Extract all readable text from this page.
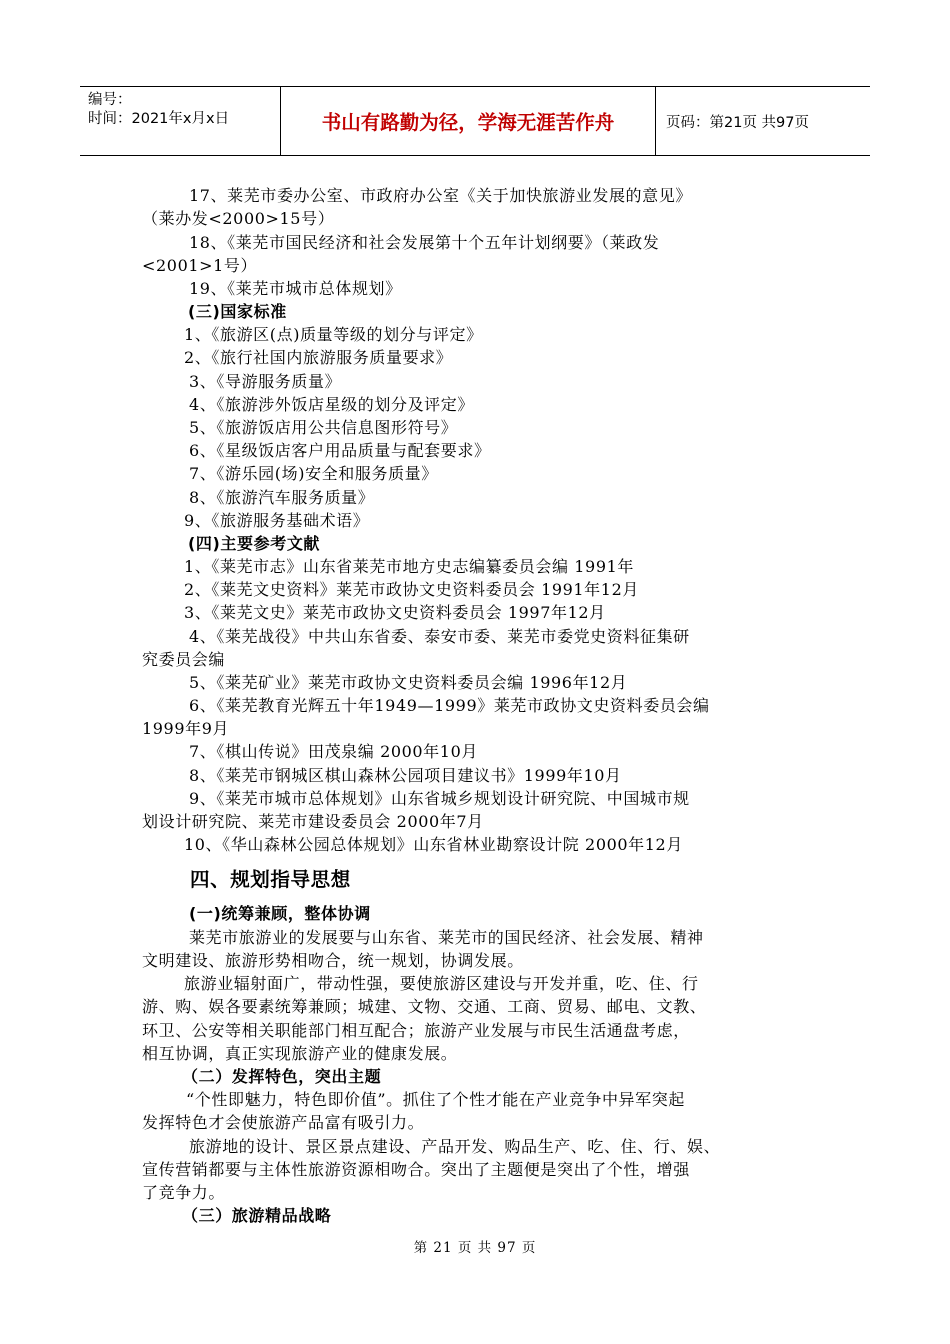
编号：
时间：2021年x月x日	书山有路勤为径，学海无涯苦作舟	页码：第21页 共97页
17、莱芜市委办公室、市政府办公室《关于加快旅游业发展的意见》
（莱办发<2000>15号）
18、《莱芜市国民经济和社会发展第十个五年计划纲要》（莱政发
<2001>1号）
19、《莱芜市城市总体规划》
(三)国家标准
1、《旅游区(点)质量等级的划分与评定》
2、《旅行社国内旅游服务质量要求》
3、《导游服务质量》
4、《旅游涉外饭店星级的划分及评定》
5、《旅游饭店用公共信息图形符号》
6、《星级饭店客户用品质量与配套要求》
7、《游乐园(场)安全和服务质量》
8、《旅游汽车服务质量》
9、《旅游服务基础术语》
(四)主要参考文献
1、《莱芜市志》山东省莱芜市地方史志编纂委员会编 1991年
2、《莱芜文史资料》莱芜市政协文史资料委员会 1991年12月
3、《莱芜文史》莱芜市政协文史资料委员会 1997年12月
4、《莱芜战役》中共山东省委、泰安市委、莱芜市委党史资料征集研
究委员会编
5、《莱芜矿业》莱芜市政协文史资料委员会编 1996年12月
6、《莱芜教育光辉五十年1949—1999》莱芜市政协文史资料委员会编
1999年9月
7、《棋山传说》田茂泉编 2000年10月
8、《莱芜市钢城区棋山森林公园项目建议书》1999年10月
9、《莱芜市城市总体规划》山东省城乡规划设计研究院、中国城市规
划设计研究院、莱芜市建设委员会 2000年7月
10、《华山森林公园总体规划》山东省林业勘察设计院 2000年12月
四、规划指导思想
(一)统筹兼顾，整体协调
莱芜市旅游业的发展要与山东省、莱芜市的国民经济、社会发展、精神
文明建设、旅游形势相吻合，统一规划，协调发展。
旅游业辐射面广，带动性强，要使旅游区建设与开发并重，吃、住、行
游、购、娱各要素统筹兼顾；城建、文物、交通、工商、贸易、邮电、文教、
环卫、公安等相关职能部门相互配合；旅游产业发展与市民生活通盘考虑，
相互协调，真正实现旅游产业的健康发展。
（二）发挥特色，突出主题
“个性即魅力，特色即价值”。抓住了个性才能在产业竞争中异军突起
发挥特色才会使旅游产品富有吸引力。
旅游地的设计、景区景点建设、产品开发、购品生产、吃、住、行、娱、
宣传营销都要与主体性旅游资源相吻合。突出了主题便是突出了个性，增强
了竞争力。
（三）旅游精品战略
第 21 页 共 97 页
